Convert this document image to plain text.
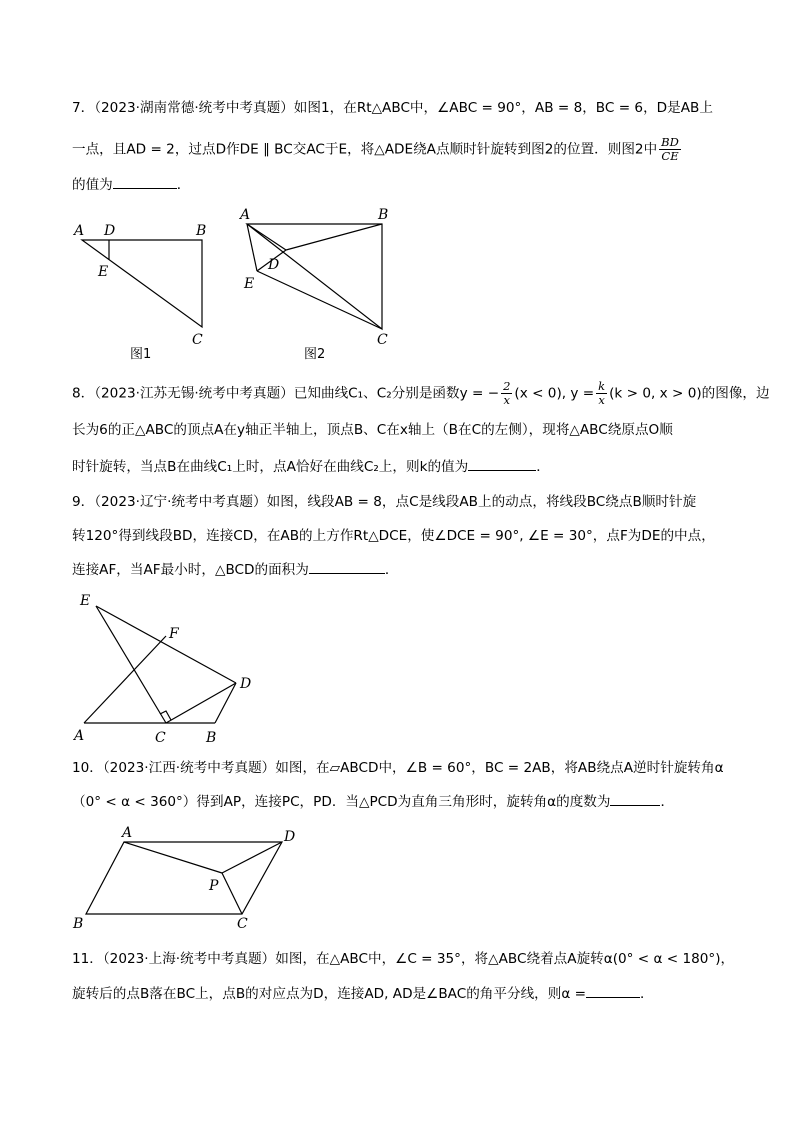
7．（2023·湖南常德·统考中考真题）如图1，在Rt△ABC中，∠ABC = 90°，AB = 8，BC = 6，D是AB上
一点，且AD = 2，过点D作DE ∥ BC交AC于E，将△ADE绕A点顺时针旋转到图2的位置．则图2中 $\frac{BD}{CE}$
的值为	．
A D	B
E
C
图1
A	B
D
E
C
图2
8．（2023·江苏无锡·统考中考真题）已知曲线C₁、C₂分别是函数y = − $\frac{2}{x} (x < 0)$, $y = \frac{k}{x} (k > 0$, x > 0)的图像，边
长为6的正△ABC的顶点A在y轴正半轴上，顶点B、C在x轴上（B在C的左侧），现将△ABC绕原点O顺
时针旋转，当点B在曲线C₁上时，点A恰好在曲线C₂上，则k的值为	．
9．（2023·辽宁·统考中考真题）如图，线段AB = 8，点C是线段AB上的动点，将线段BC绕点B顺时针旋
转120°得到线段BD，连接CD，在AB的上方作Rt△DCE，使∠DCE = 90°, ∠E = 30°，点F为DE的中点，
连接AF，当AF最小时，△BCD的面积为	．
E
F
D
A	C	B
10．（2023·江西·统考中考真题）如图，在▱ABCD中，∠B = 60°，BC = 2AB，将AB绕点A逆时针旋转角α
（0° < α < 360°）得到AP，连接PC，PD．当△PCD为直角三角形时，旋转角α的度数为	．
A	D
P
B	C
11．（2023·上海·统考中考真题）如图，在△ABC中，∠C = 35°，将△ABC绕着点A旋转α(0° < α < 180°)，
旋转后的点B落在BC上，点B的对应点为D，连接AD, AD是∠BAC的角平分线，则α =	．
